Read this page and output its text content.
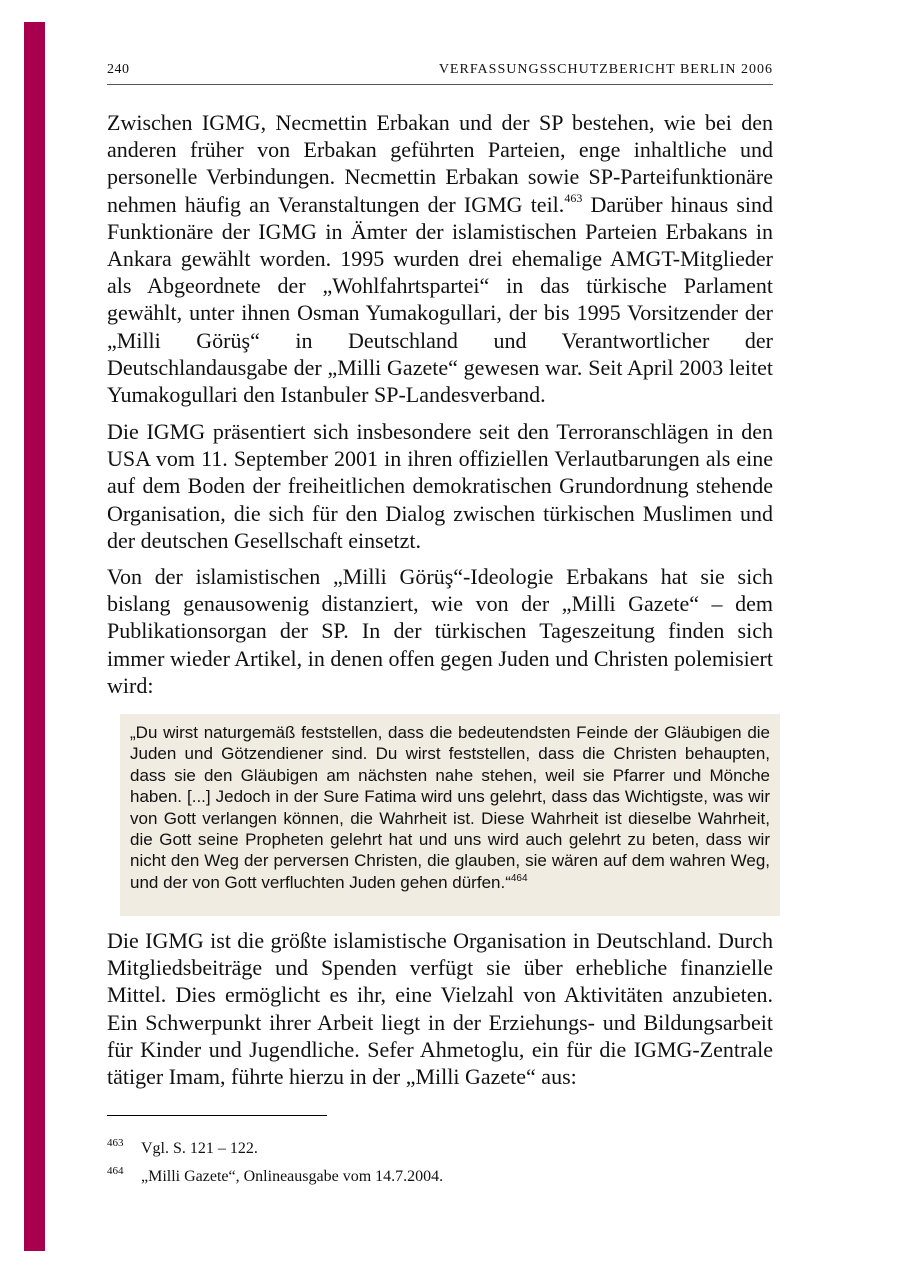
240	VERFASSUNGSSCHUTZBERICHT BERLIN 2006

Zwischen IGMG, Necmettin Erbakan und der SP bestehen, wie bei den anderen früher von Erbakan geführten Parteien, enge inhaltliche und personelle Verbindungen. Necmettin Erbakan sowie SP-Parteifunktionäre nehmen häufig an Veranstaltungen der IGMG teil.$^{463}$ Darüber hinaus sind Funktionäre der IGMG in Ämter der islamistischen Parteien Erbakans in Ankara gewählt worden. 1995 wurden drei ehemalige AMGT-Mitglieder als Abgeordnete der „Wohlfahrtspartei“ in das türkische Parlament gewählt, unter ihnen Osman Yumakogullari, der bis 1995 Vorsitzender der „Milli Görüş“ in Deutschland und Verantwortlicher der Deutschlandausgabe der „Milli Gazete“ gewesen war. Seit April 2003 leitet Yumakogullari den Istanbuler SP-Landesverband.

Die IGMG präsentiert sich insbesondere seit den Terroranschlägen in den USA vom 11. September 2001 in ihren offiziellen Verlautbarungen als eine auf dem Boden der freiheitlichen demokratischen Grundordnung stehende Organisation, die sich für den Dialog zwischen türkischen Muslimen und der deutschen Gesellschaft einsetzt.

Von der islamistischen „Milli Görüş“-Ideologie Erbakans hat sie sich bislang genausowenig distanziert, wie von der „Milli Gazete“ – dem Publikationsorgan der SP. In der türkischen Tageszeitung finden sich immer wieder Artikel, in denen offen gegen Juden und Christen polemisiert wird:

„Du wirst naturgemäß feststellen, dass die bedeutendsten Feinde der Gläubigen die Juden und Götzendiener sind. Du wirst feststellen, dass die Christen behaupten, dass sie den Gläubigen am nächsten nahe stehen, weil sie Pfarrer und Mönche haben. [...] Jedoch in der Sure Fatima wird uns gelehrt, dass das Wichtigste, was wir von Gott verlangen können, die Wahrheit ist. Diese Wahrheit ist dieselbe Wahrheit, die Gott seine Propheten gelehrt hat und uns wird auch gelehrt zu beten, dass wir nicht den Weg der perversen Christen, die glauben, sie wären auf dem wahren Weg, und der von Gott verfluchten Juden gehen dürfen.“$^{464}$

Die IGMG ist die größte islamistische Organisation in Deutschland. Durch Mitgliedsbeiträge und Spenden verfügt sie über erhebliche finanzielle Mittel. Dies ermöglicht es ihr, eine Vielzahl von Aktivitäten anzubieten. Ein Schwerpunkt ihrer Arbeit liegt in der Erziehungs- und Bildungsarbeit für Kinder und Jugendliche. Sefer Ahmetoglu, ein für die IGMG-Zentrale tätiger Imam, führte hierzu in der „Milli Gazete“ aus:

463 Vgl. S. 121 – 122.
464 „Milli Gazete“, Onlineausgabe vom 14.7.2004.
